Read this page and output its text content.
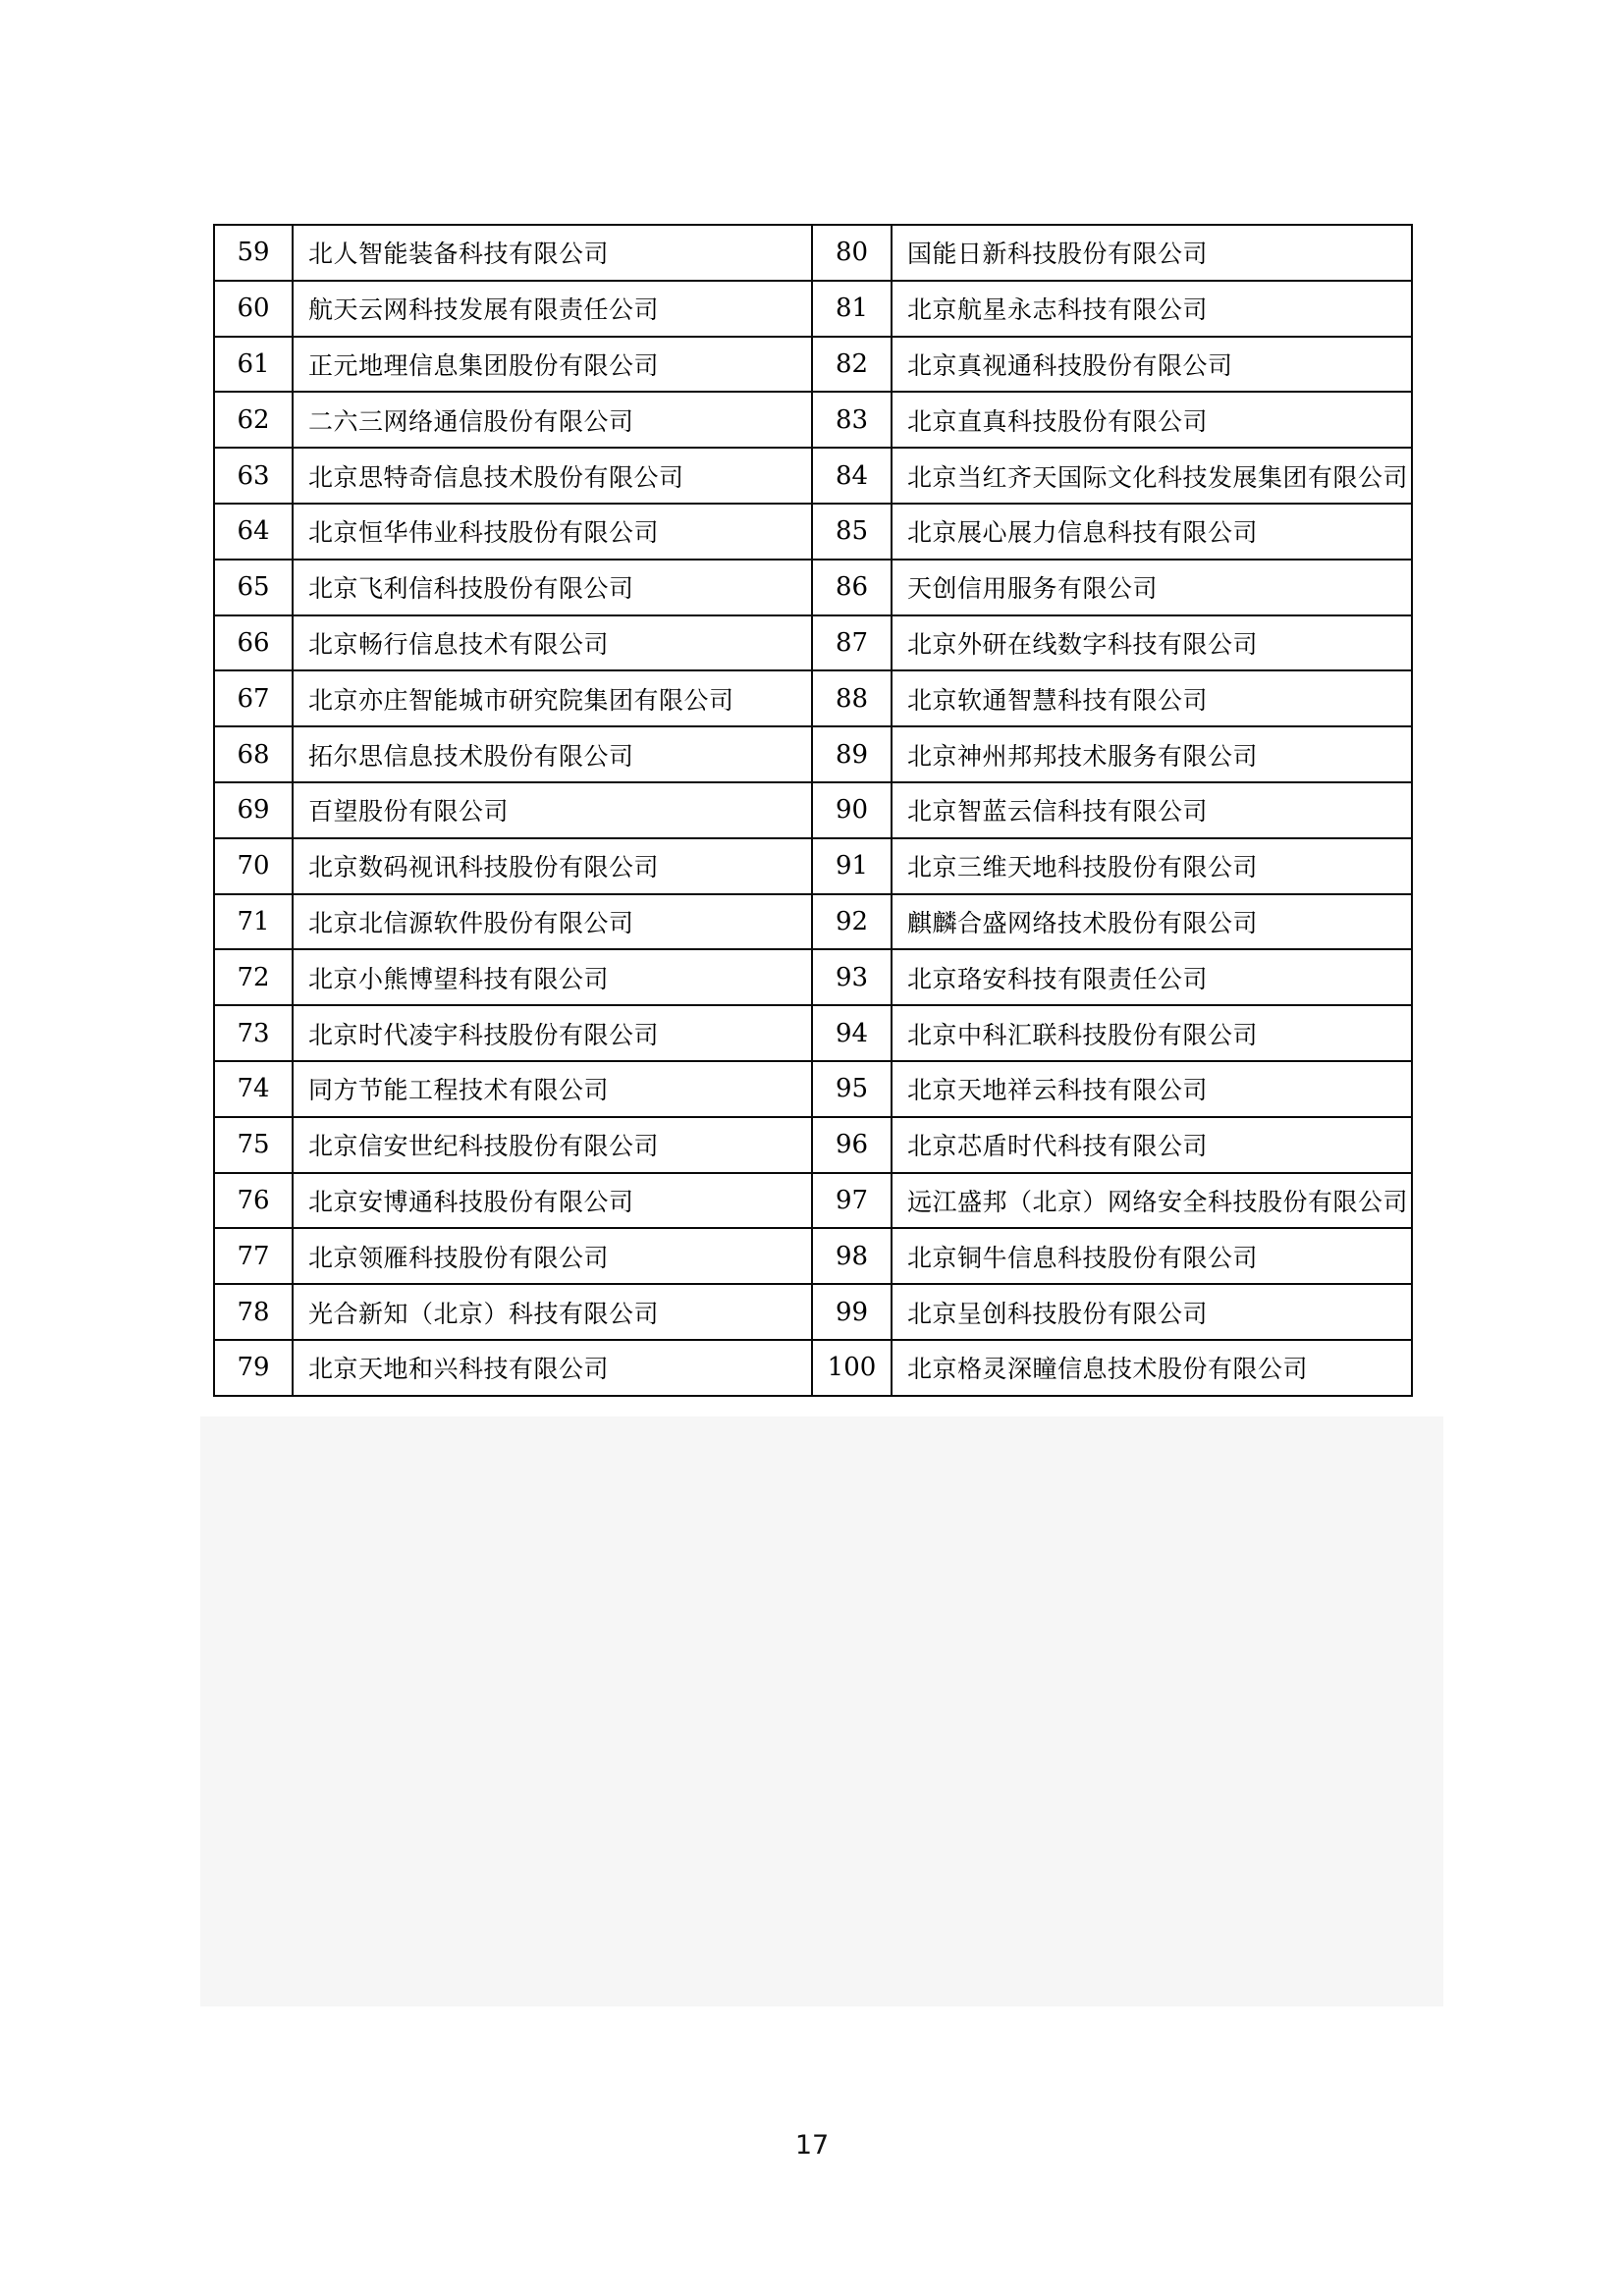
59	北人智能装备科技有限公司	80	国能日新科技股份有限公司
60	航天云网科技发展有限责任公司	81	北京航星永志科技有限公司
61	正元地理信息集团股份有限公司	82	北京真视通科技股份有限公司
62	二六三网络通信股份有限公司	83	北京直真科技股份有限公司
63	北京思特奇信息技术股份有限公司	84	北京当红齐天国际文化科技发展集团有限公司
64	北京恒华伟业科技股份有限公司	85	北京展心展力信息科技有限公司
65	北京飞利信科技股份有限公司	86	天创信用服务有限公司
66	北京畅行信息技术有限公司	87	北京外研在线数字科技有限公司
67	北京亦庄智能城市研究院集团有限公司	88	北京软通智慧科技有限公司
68	拓尔思信息技术股份有限公司	89	北京神州邦邦技术服务有限公司
69	百望股份有限公司	90	北京智蓝云信科技有限公司
70	北京数码视讯科技股份有限公司	91	北京三维天地科技股份有限公司
71	北京北信源软件股份有限公司	92	麒麟合盛网络技术股份有限公司
72	北京小熊博望科技有限公司	93	北京珞安科技有限责任公司
73	北京时代凌宇科技股份有限公司	94	北京中科汇联科技股份有限公司
74	同方节能工程技术有限公司	95	北京天地祥云科技有限公司
75	北京信安世纪科技股份有限公司	96	北京芯盾时代科技有限公司
76	北京安博通科技股份有限公司	97	远江盛邦（北京）网络安全科技股份有限公司
77	北京领雁科技股份有限公司	98	北京铜牛信息科技股份有限公司
78	光合新知（北京）科技有限公司	99	北京呈创科技股份有限公司
79	北京天地和兴科技有限公司	100	北京格灵深瞳信息技术股份有限公司
17
